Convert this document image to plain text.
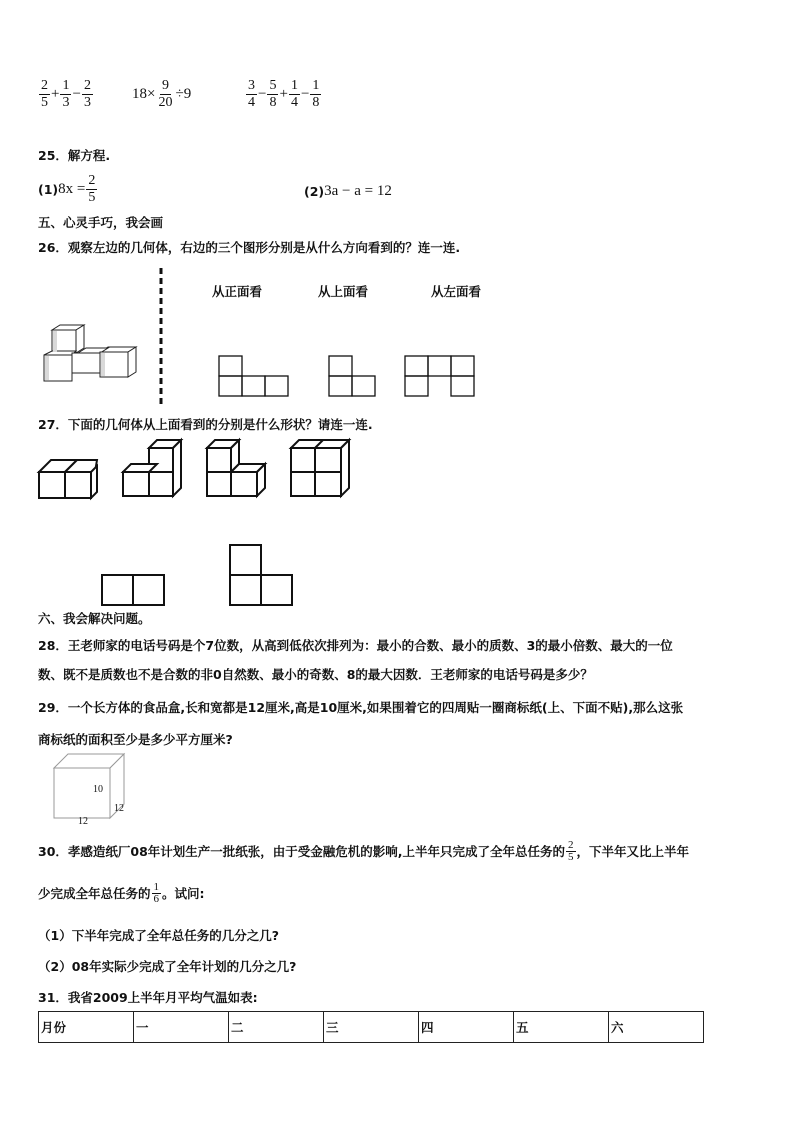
$\frac{2}{5} + \frac{1}{3} - \frac{2}{3}$	$18\times \frac{9}{20} \div 9$	$\frac{3}{4} - \frac{5}{8} + \frac{1}{4} - \frac{1}{8}$
25．解方程.
$(1)8x = \frac{2}{5}$	(2)3a − a = 12
五、心灵手巧，我会画
26．观察左边的几何体，右边的三个图形分别是从什么方向看到的？连一连.
从正面看	从上面看	从左面看
27．下面的几何体从上面看到的分别是什么形状？请连一连.
六、我会解决问题。
28．王老师家的电话号码是个7位数，从高到低依次排列为：最小的合数、最小的质数、3的最小倍数、最大的一位
数、既不是质数也不是合数的非0自然数、最小的奇数、8的最大因数．王老师家的电话号码是多少？
29．一个长方体的食品盒,长和宽都是12厘米,高是10厘米,如果围着它的四周贴一圈商标纸(上、下面不贴),那么这张
商标纸的面积至少是多少平方厘米?
10
12
12
30．孝感造纸厂08年计划生产一批纸张，由于受金融危机的影响,上半年只完成了全年总任务的 $\frac{2}{5}$ ，下半年又比上半年
少完成全年总任务的 $\frac{1}{6}$ 。试问:
（1）下半年完成了全年总任务的几分之几?
（2）08年实际少完成了全年计划的几分之几?
31．我省2009上半年月平均气温如表:
月份	一	二	三	四	五	六
